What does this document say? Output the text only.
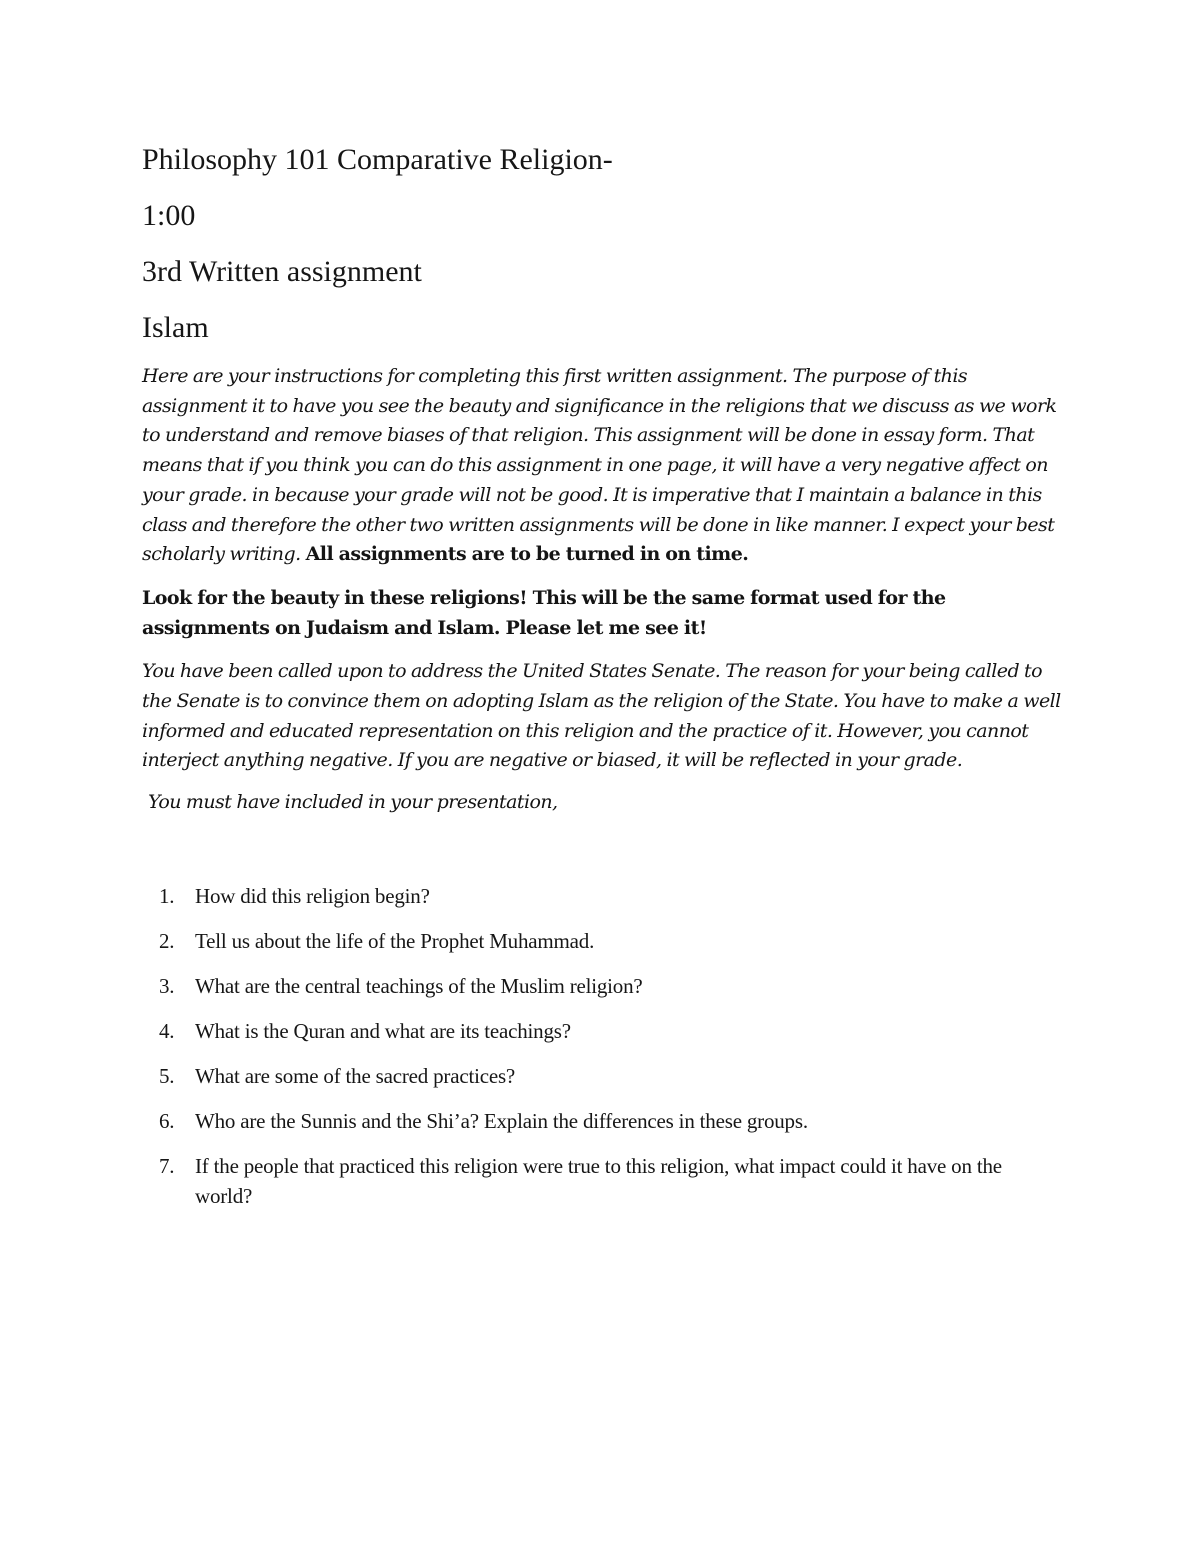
Philosophy 101 Comparative Religion-

1:00

3rd Written assignment

Islam

Here are your instructions for completing this first written assignment. The purpose of this assignment it to have you see the beauty and significance in the religions that we discuss as we work to understand and remove biases of that religion. This assignment will be done in essay form. That means that if you think you can do this assignment in one page, it will have a very negative affect on your grade. in because your grade will not be good. It is imperative that I maintain a balance in this class and therefore the other two written assignments will be done in like manner. I expect your best scholarly writing. All assignments are to be turned in on time.

Look for the beauty in these religions! This will be the same format used for the assignments on Judaism and Islam. Please let me see it!

You have been called upon to address the United States Senate. The reason for your being called to the Senate is to convince them on adopting Islam as the religion of the State. You have to make a well informed and educated representation on this religion and the practice of it. However, you cannot interject anything negative. If you are negative or biased, it will be reflected in your grade.

You must have included in your presentation,

1. How did this religion begin?
2. Tell us about the life of the Prophet Muhammad.
3. What are the central teachings of the Muslim religion?
4. What is the Quran and what are its teachings?
5. What are some of the sacred practices?
6. Who are the Sunnis and the Shi’a? Explain the differences in these groups.
7. If the people that practiced this religion were true to this religion, what impact could it have on the world?
